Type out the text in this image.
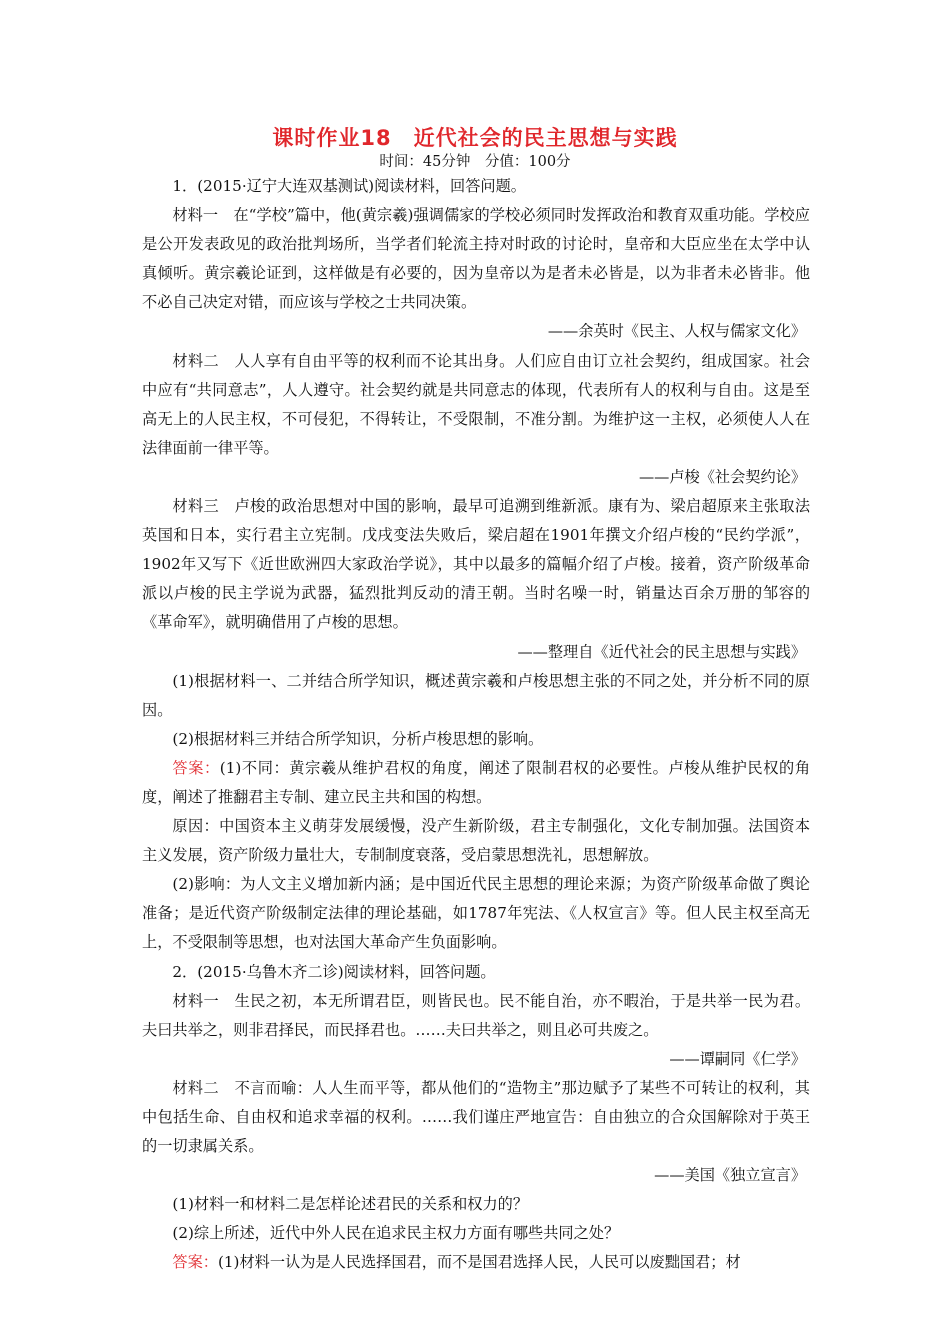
课时作业18　近代社会的民主思想与实践
时间：45分钟　分值：100分

1．(2015·辽宁大连双基测试)阅读材料，回答问题。

材料一　在“学校”篇中，他(黄宗羲)强调儒家的学校必须同时发挥政治和教育双重功能。学校应是公开发表政见的政治批判场所，当学者们轮流主持对时政的讨论时，皇帝和大臣应坐在太学中认真倾听。黄宗羲论证到，这样做是有必要的，因为皇帝以为是者未必皆是，以为非者未必皆非。他不必自己决定对错，而应该与学校之士共同决策。

——余英时《民主、人权与儒家文化》

材料二　人人享有自由平等的权利而不论其出身。人们应自由订立社会契约，组成国家。社会中应有“共同意志”，人人遵守。社会契约就是共同意志的体现，代表所有人的权利与自由。这是至高无上的人民主权，不可侵犯，不得转让，不受限制，不准分割。为维护这一主权，必须使人人在法律面前一律平等。

——卢梭《社会契约论》

材料三　卢梭的政治思想对中国的影响，最早可追溯到维新派。康有为、梁启超原来主张取法英国和日本，实行君主立宪制。戊戌变法失败后，梁启超在1901年撰文介绍卢梭的“民约学派”，1902年又写下《近世欧洲四大家政治学说》，其中以最多的篇幅介绍了卢梭。接着，资产阶级革命派以卢梭的民主学说为武器，猛烈批判反动的清王朝。当时名噪一时，销量达百余万册的邹容的《革命军》，就明确借用了卢梭的思想。

——整理自《近代社会的民主思想与实践》

(1)根据材料一、二并结合所学知识，概述黄宗羲和卢梭思想主张的不同之处，并分析不同的原因。

(2)根据材料三并结合所学知识，分析卢梭思想的影响。

答案：(1)不同：黄宗羲从维护君权的角度，阐述了限制君权的必要性。卢梭从维护民权的角度，阐述了推翻君主专制、建立民主共和国的构想。

原因：中国资本主义萌芽发展缓慢，没产生新阶级，君主专制强化，文化专制加强。法国资本主义发展，资产阶级力量壮大，专制制度衰落，受启蒙思想洗礼，思想解放。

(2)影响：为人文主义增加新内涵；是中国近代民主思想的理论来源；为资产阶级革命做了舆论准备；是近代资产阶级制定法律的理论基础，如1787年宪法、《人权宣言》等。但人民主权至高无上，不受限制等思想，也对法国大革命产生负面影响。

2．(2015·乌鲁木齐二诊)阅读材料，回答问题。

材料一　生民之初，本无所谓君臣，则皆民也。民不能自治，亦不暇治，于是共举一民为君。夫曰共举之，则非君择民，而民择君也。……夫曰共举之，则且必可共废之。

——谭嗣同《仁学》

材料二　不言而喻：人人生而平等，都从他们的“造物主”那边赋予了某些不可转让的权利，其中包括生命、自由权和追求幸福的权利。……我们谨庄严地宣告：自由独立的合众国解除对于英王的一切隶属关系。

——美国《独立宣言》

(1)材料一和材料二是怎样论述君民的关系和权力的？

(2)综上所述，近代中外人民在追求民主权力方面有哪些共同之处？

答案：(1)材料一认为是人民选择国君，而不是国君选择人民，人民可以废黜国君；材
